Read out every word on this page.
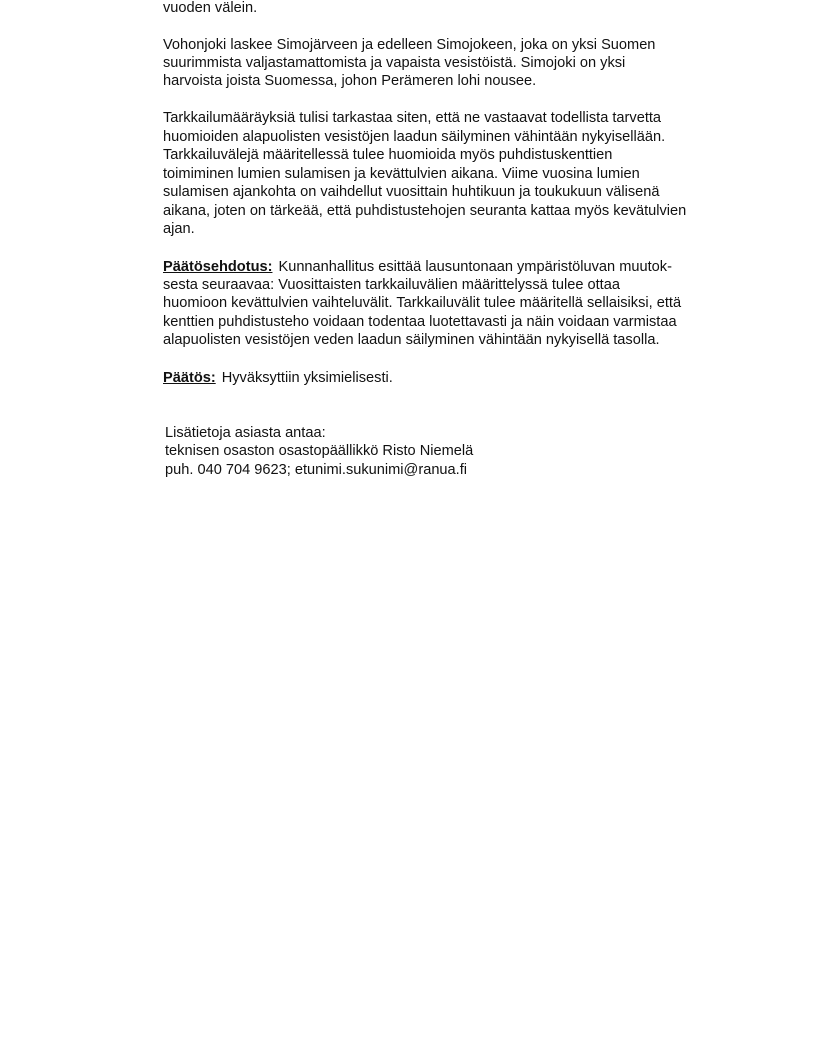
vuoden välein.
Vohonjoki laskee Simojärveen ja edelleen Simojokeen, joka on yksi Suomen
suurimmista valjastamattomista ja vapaista vesistöistä. Simojoki on yksi
harvoista joista Suomessa, johon Perämeren lohi nousee.
Tarkkailumääräyksiä tulisi tarkastaa siten, että ne vastaavat todellista tarvetta
huomioiden alapuolisten vesistöjen laadun säilyminen vähintään nykyisellään.
Tarkkailuvälejä määritellessä tulee huomioida myös puhdistuskenttien
toimiminen lumien sulamisen ja kevättulvien aikana. Viime vuosina lumien
sulamisen ajankohta on vaihdellut vuosittain huhtikuun ja toukukuun välisenä
aikana, joten on tärkeää, että puhdistustehojen seuranta kattaa myös kevätulvien
ajan.
Päätösehdotus: Kunnanhallitus esittää lausuntonaan ympäristöluvan muutok-
sesta seuraavaa: Vuosittaisten tarkkailuvälien määrittelyssä tulee ottaa
huomioon kevättulvien vaihteluvälit. Tarkkailuvälit tulee määritellä sellaisiksi, että
kenttien puhdistusteho voidaan todentaa luotettavasti ja näin voidaan varmistaa
alapuolisten vesistöjen veden laadun säilyminen vähintään nykyisellä tasolla.
Päätös: Hyväksyttiin yksimielisesti.
Lisätietoja asiasta antaa:
teknisen osaston osastopäällikkö Risto Niemelä
puh. 040 704 9623; etunimi.sukunimi@ranua.fi
